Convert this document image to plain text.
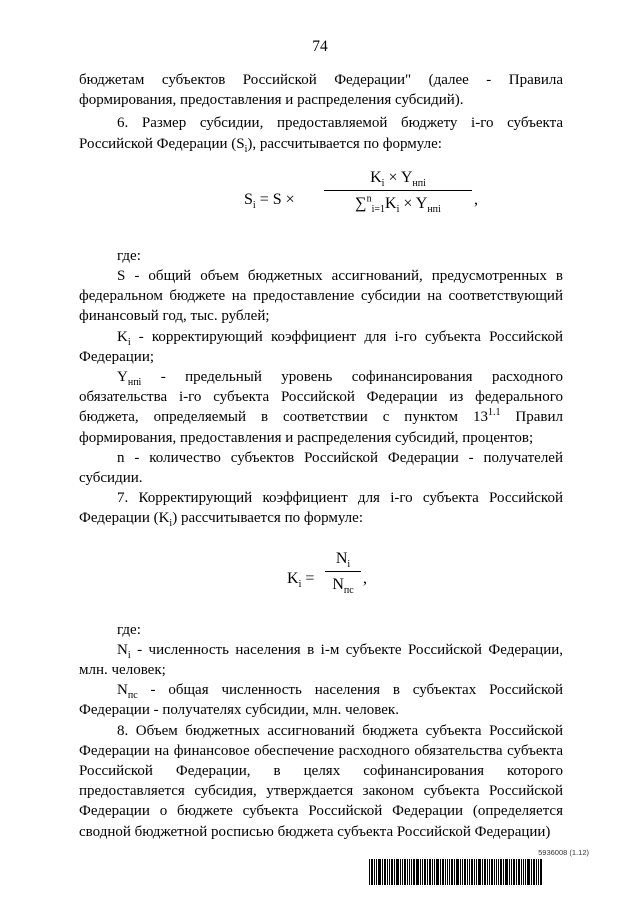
74

бюджетам субъектов Российской Федерации" (далее - Правила формирования, предоставления и распределения субсидий).

6. Размер субсидии, предоставляемой бюджету i-го субъекта Российской Федерации $(S_i)$, рассчитывается по формуле:

$S_i = S$ ×
$K_i \times Y_{нпi}$
$\sum^n_{i=1}K_i \times Y_{нпi}$
,

где:

S - общий объем бюджетных ассигнований, предусмотренных в федеральном бюджете на предоставление субсидии на соответствующий финансовый год, тыс. рублей;

$K_i$ - корректирующий коэффициент для i-го субъекта Российской Федерации;

$Y_{нпi}$ - предельный уровень софинансирования расходного обязательства i-го субъекта Российской Федерации из федерального бюджета, определяемый в соответствии с пунктом $13^{1.1}$ Правил формирования, предоставления и распределения субсидий, процентов;

n - количество субъектов Российской Федерации - получателей субсидии.

7. Корректирующий коэффициент для i-го субъекта Российской Федерации $(K_i)$ рассчитывается по формуле:

$K_i$ =
$N_i$
$N_{пс}$
,

где:

$N_i$ - численность населения в i-м субъекте Российской Федерации, млн. человек;

$N_{пс}$ - общая численность населения в субъектах Российской Федерации - получателях субсидии, млн. человек.

8. Объем бюджетных ассигнований бюджета субъекта Российской Федерации на финансовое обеспечение расходного обязательства субъекта Российской Федерации, в целях софинансирования которого предоставляется субсидия, утверждается законом субъекта Российской Федерации о бюджете субъекта Российской Федерации (определяется сводной бюджетной росписью бюджета субъекта Российской Федерации)

5936008 (1.12)
